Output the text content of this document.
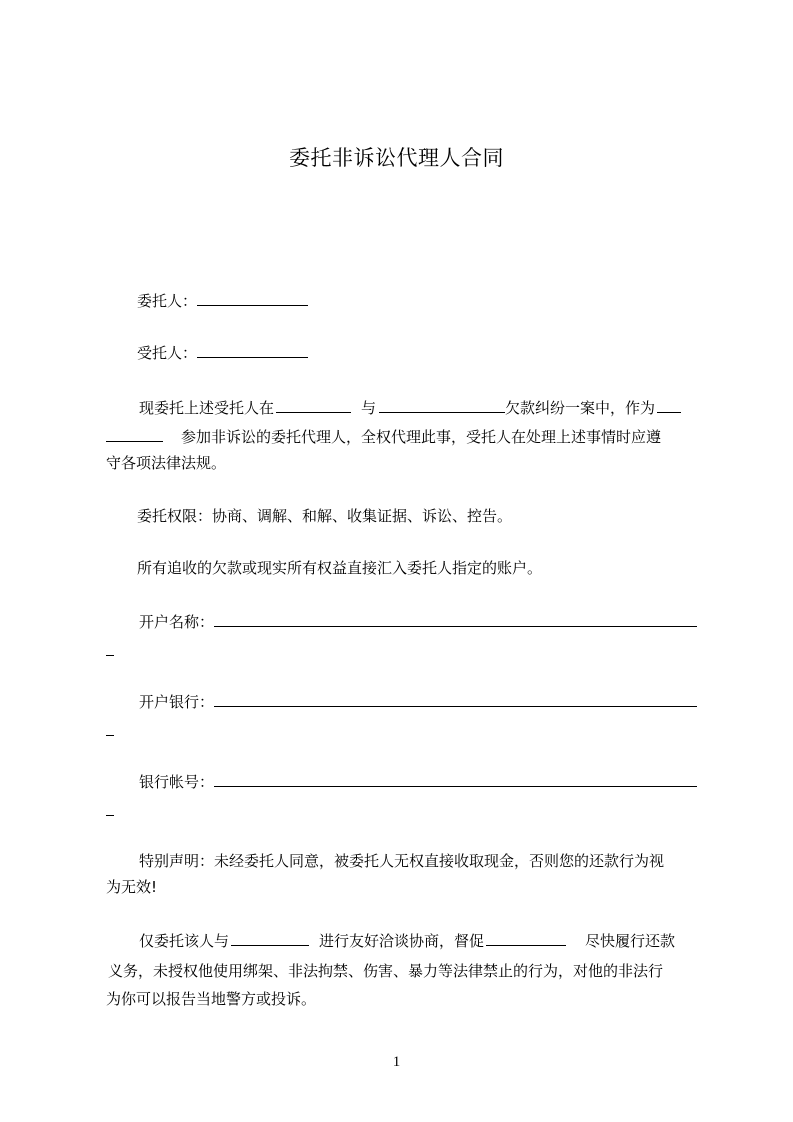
委托非诉讼代理人合同
委托人：
受托人：
现委托上述受托人在	与	欠款纠纷一案中，作为
参加非诉讼的委托代理人，全权代理此事，受托人在处理上述事情时应遵
守各项法律法规。
委托权限：协商、调解、和解、收集证据、诉讼、控告。
所有追收的欠款或现实所有权益直接汇入委托人指定的账户。
开户名称：
开户银行：
银行帐号：
特别声明：未经委托人同意，被委托人无权直接收取现金，否则您的还款行为视
为无效!
仅委托该人与	进行友好洽谈协商，督促	尽快履行还款
义务，未授权他使用绑架、非法拘禁、伤害、暴力等法律禁止的行为，对他的非法行
为你可以报告当地警方或投诉。
1
